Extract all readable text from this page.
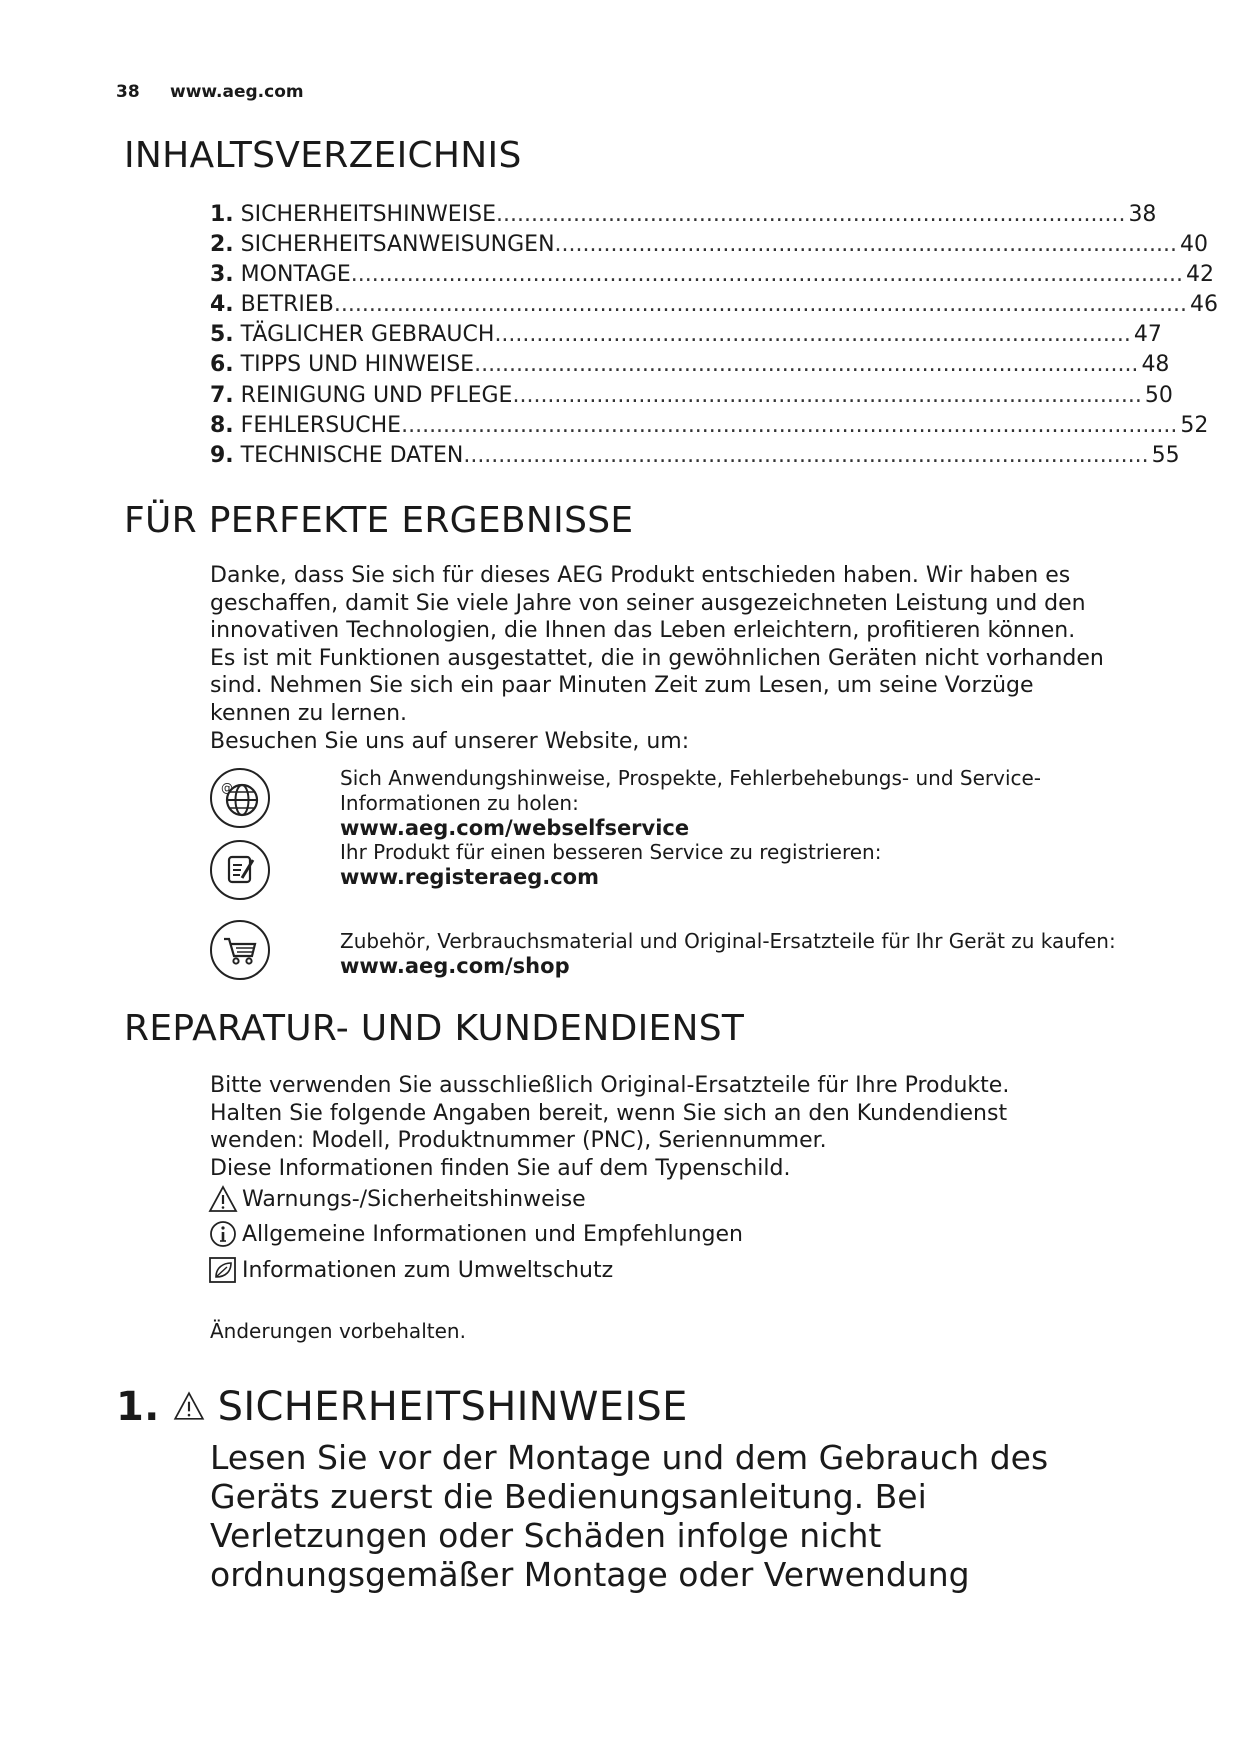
38 www.aeg.com
INHALTSVERZEICHNIS
1. SICHERHEITSHINWEISE .......................................................................................... 38
2. SICHERHEITSANWEISUNGEN ......................................................................................... 40
3. MONTAGE ....................................................................................................................... 42
4. BETRIEB .......................................................................................................................... 46
5. TÄGLICHER GEBRAUCH ........................................................................................... 47
6. TIPPS UND HINWEISE ............................................................................................... 48
7. REINIGUNG UND PFLEGE .......................................................................................... 50
8. FEHLERSUCHE ............................................................................................................... 52
9. TECHNISCHE DATEN .................................................................................................. 55
FÜR PERFEKTE ERGEBNISSE
Danke, dass Sie sich für dieses AEG Produkt entschieden haben. Wir haben es
geschaffen, damit Sie viele Jahre von seiner ausgezeichneten Leistung und den
innovativen Technologien, die Ihnen das Leben erleichtern, profitieren können.
Es ist mit Funktionen ausgestattet, die in gewöhnlichen Geräten nicht vorhanden
sind. Nehmen Sie sich ein paar Minuten Zeit zum Lesen, um seine Vorzüge
kennen zu lernen.
Besuchen Sie uns auf unserer Website, um:
@	Sich Anwendungshinweise, Prospekte, Fehlerbehebungs- und Service-
Informationen zu holen:
www.aeg.com/webselfservice
Ihr Produkt für einen besseren Service zu registrieren:
www.registeraeg.com
Zubehör, Verbrauchsmaterial und Original-Ersatzteile für Ihr Gerät zu kaufen:
www.aeg.com/shop
REPARATUR- UND KUNDENDIENST
Bitte verwenden Sie ausschließlich Original-Ersatzteile für Ihre Produkte.
Halten Sie folgende Angaben bereit, wenn Sie sich an den Kundendienst
wenden: Modell, Produktnummer (PNC), Seriennummer.
Diese Informationen finden Sie auf dem Typenschild.
Warnungs-/Sicherheitshinweise
Allgemeine Informationen und Empfehlungen
Informationen zum Umweltschutz
Änderungen vorbehalten.
1. SICHERHEITSHINWEISE
Lesen Sie vor der Montage und dem Gebrauch des
Geräts zuerst die Bedienungsanleitung. Bei
Verletzungen oder Schäden infolge nicht
ordnungsgemäßer Montage oder Verwendung
